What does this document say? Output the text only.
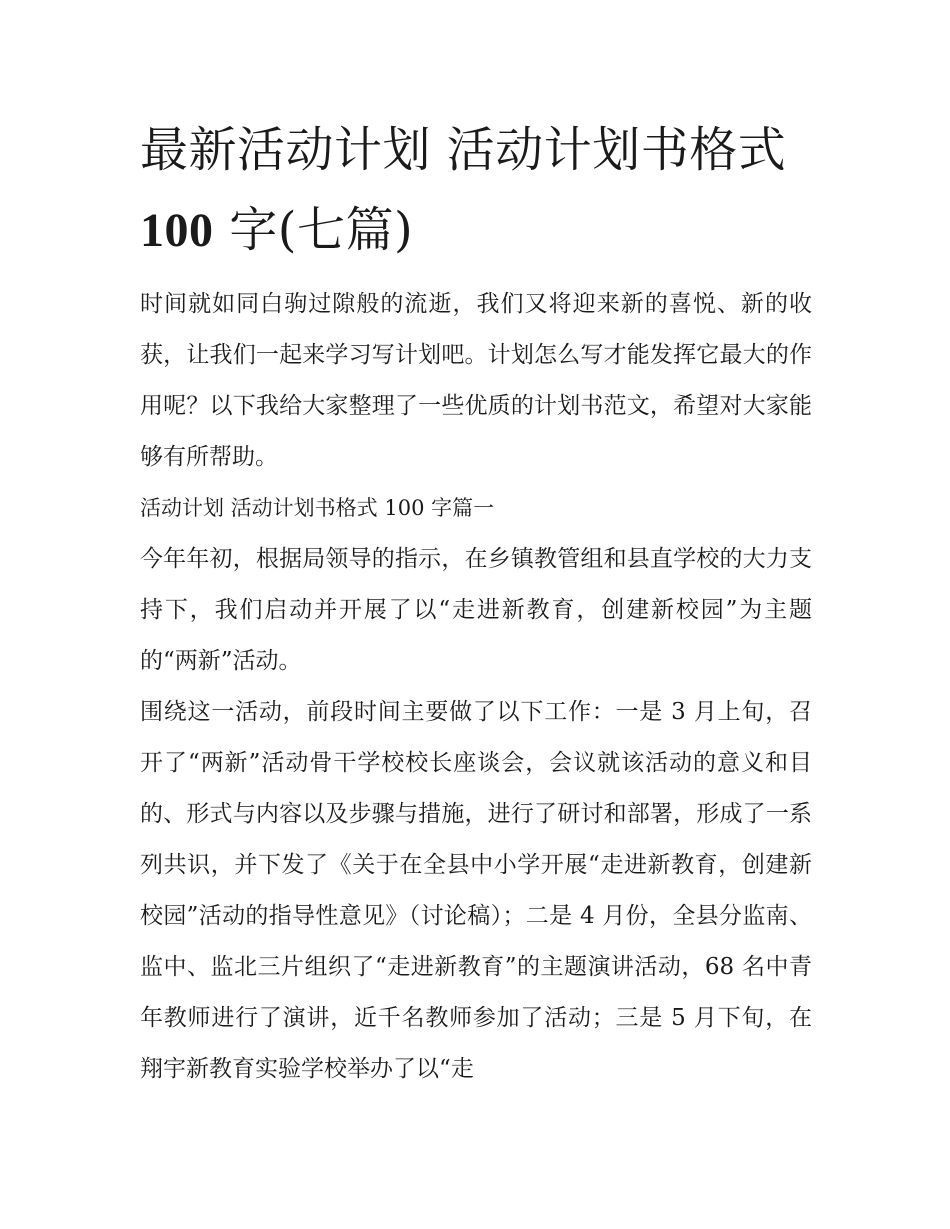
最新活动计划 活动计划书格式
100 字(七篇)

时间就如同白驹过隙般的流逝，我们又将迎来新的喜悦、新的收获，让我们一起来学习写计划吧。计划怎么写才能发挥它最大的作用呢？以下我给大家整理了一些优质的计划书范文，希望对大家能够有所帮助。

活动计划 活动计划书格式 100 字篇一

今年年初，根据局领导的指示，在乡镇教管组和县直学校的大力支持下，我们启动并开展了以“走进新教育，创建新校园”为主题的“两新”活动。

围绕这一活动，前段时间主要做了以下工作：一是 3 月上旬，召开了“两新”活动骨干学校校长座谈会，会议就该活动的意义和目的、形式与内容以及步骤与措施，进行了研讨和部署，形成了一系列共识，并下发了《关于在全县中小学开展“走进新教育，创建新校园”活动的指导性意见》（讨论稿）；二是 4 月份，全县分监南、监中、监北三片组织了“走进新教育”的主题演讲活动，68 名中青年教师进行了演讲，近千名教师参加了活动；三是 5 月下旬，在翔宇新教育实验学校举办了以“走
